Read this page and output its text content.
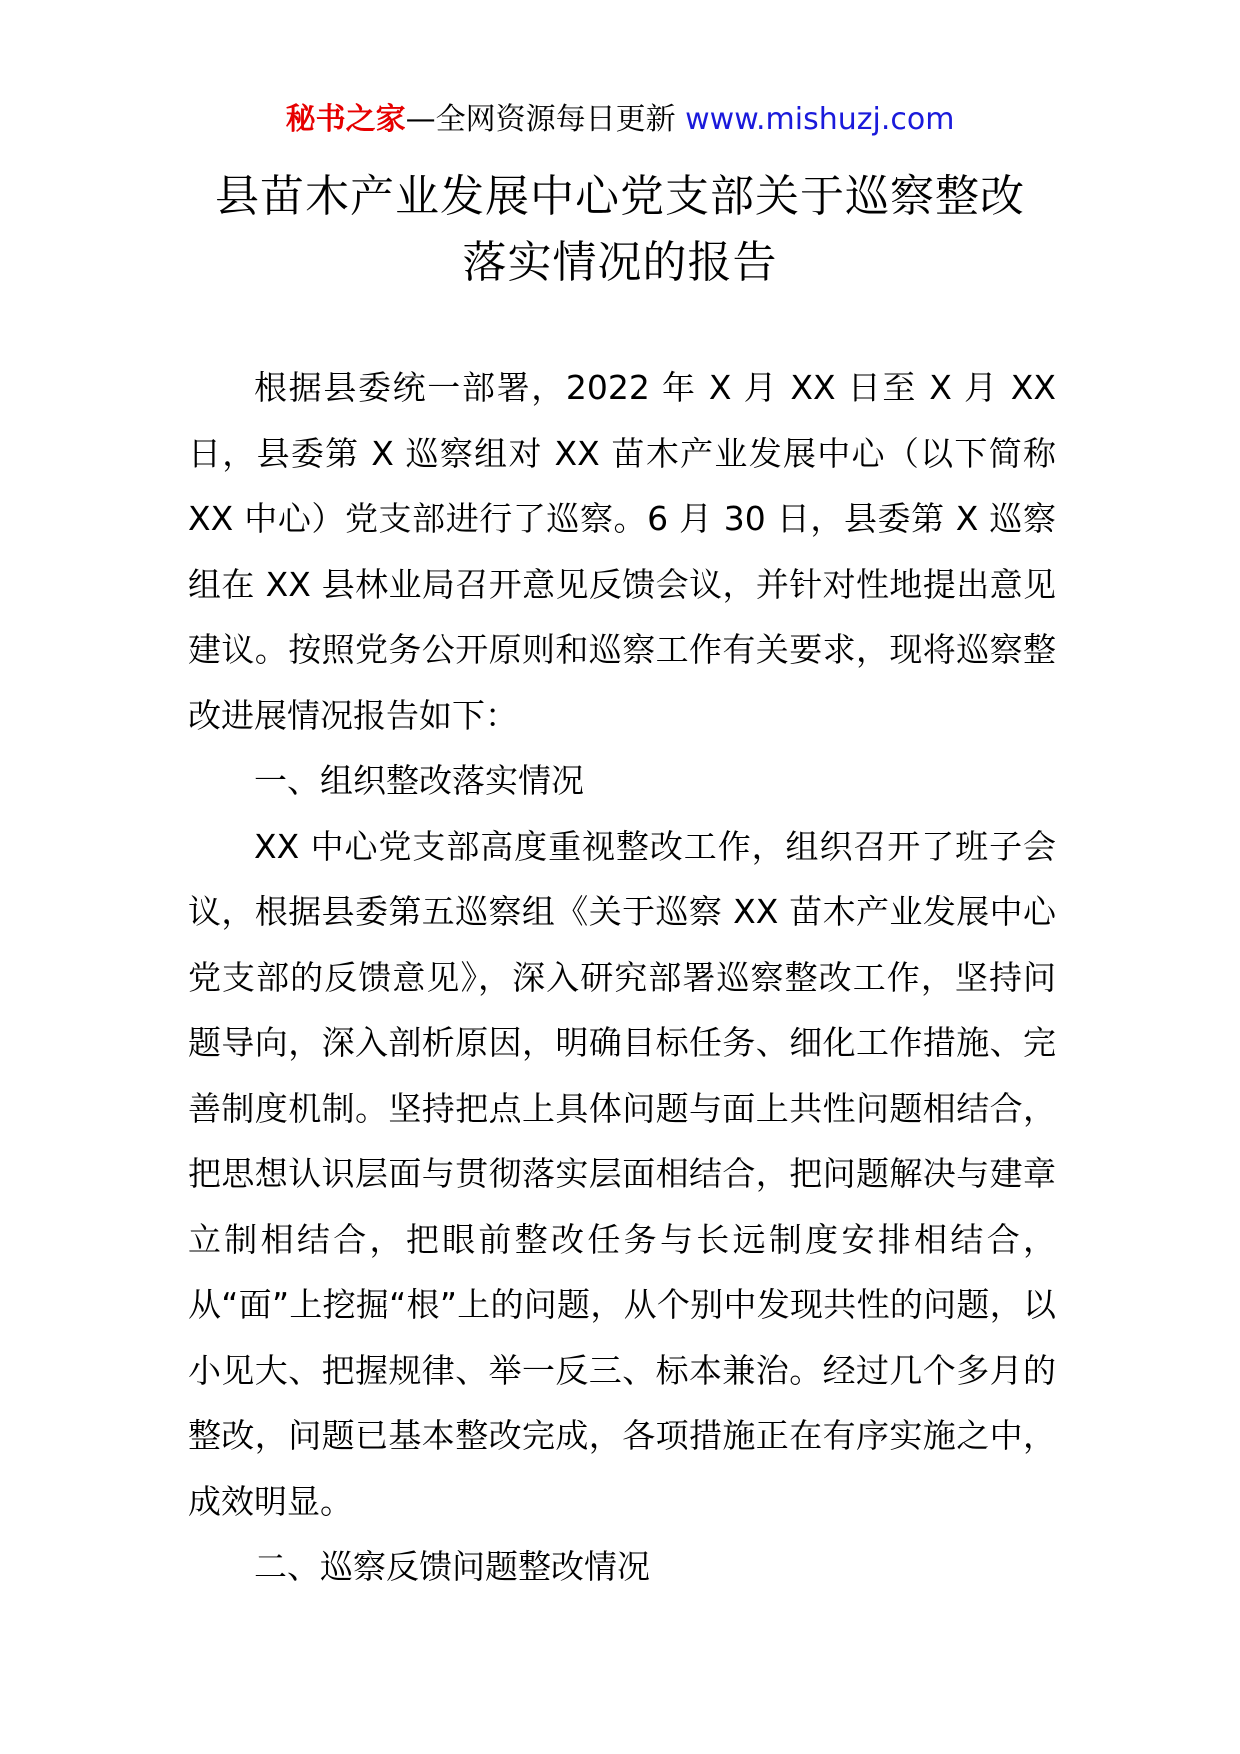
秘书之家—全网资源每日更新 www.mishuzj.com
县苗木产业发展中心党支部关于巡察整改
落实情况的报告

根据县委统一部署，2022 年 X 月 XX 日至 X 月 XX 日，县委第 X 巡察组对 XX 苗木产业发展中心（以下简称 XX 中心）党支部进行了巡察。6 月 30 日，县委第 X 巡察组在 XX 县林业局召开意见反馈会议，并针对性地提出意见建议。按照党务公开原则和巡察工作有关要求，现将巡察整改进展情况报告如下：

一、组织整改落实情况

XX 中心党支部高度重视整改工作，组织召开了班子会议，根据县委第五巡察组《关于巡察 XX 苗木产业发展中心党支部的反馈意见》，深入研究部署巡察整改工作，坚持问题导向，深入剖析原因，明确目标任务、细化工作措施、完善制度机制。坚持把点上具体问题与面上共性问题相结合，把思想认识层面与贯彻落实层面相结合，把问题解决与建章立制相结合，把眼前整改任务与长远制度安排相结合，从“面”上挖掘“根”上的问题，从个别中发现共性的问题，以小见大、把握规律、举一反三、标本兼治。经过几个多月的整改，问题已基本整改完成，各项措施正在有序实施之中，成效明显。

二、巡察反馈问题整改情况
